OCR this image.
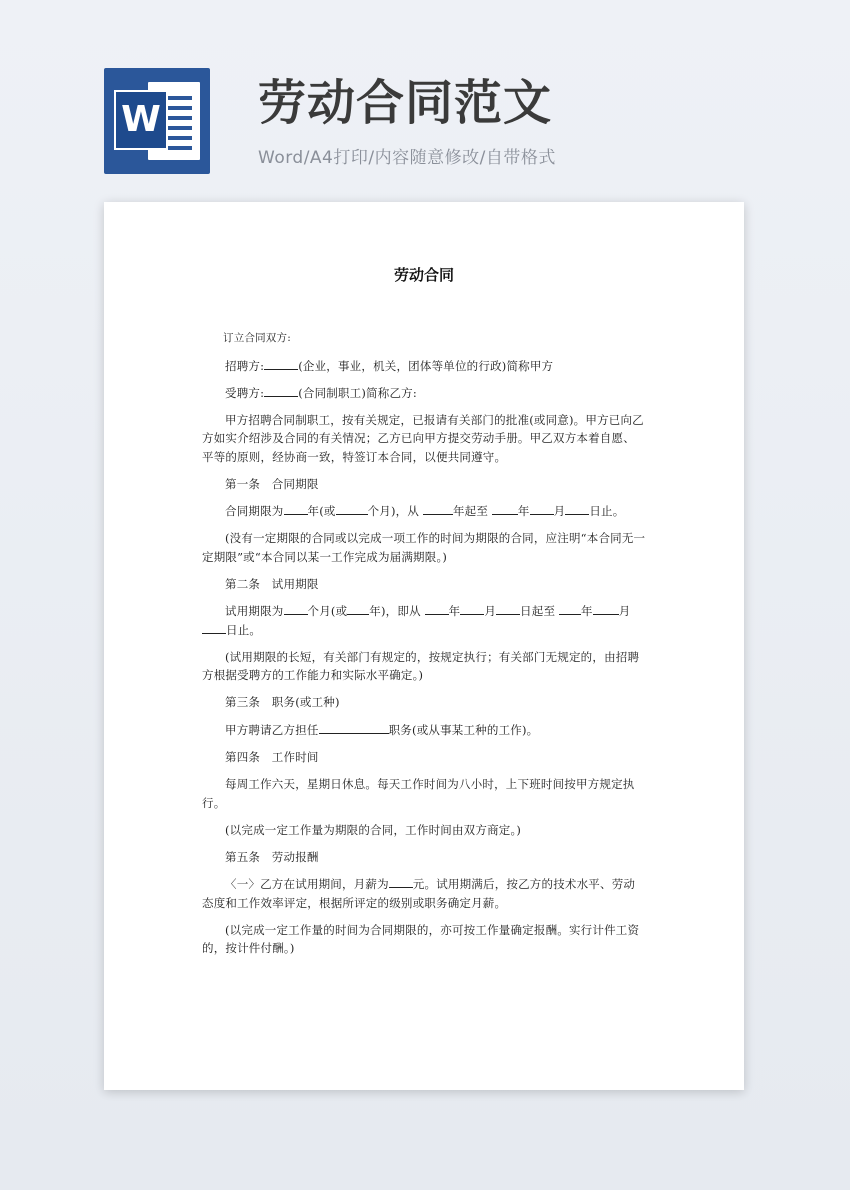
W 劳动合同范文
Word/A4打印/内容随意修改/自带格式
劳动合同

订立合同双方:

招聘方:	(企业，事业，机关，团体等单位的行政)简称甲方

受聘方:	(合同制职工)简称乙方:

甲方招聘合同制职工，按有关规定，已报请有关部门的批准(或同意)。甲方已向乙方如实介绍涉及合同的有关情况；乙方已向甲方提交劳动手册。甲乙双方本着自愿、平等的原则，经协商一致，特签订本合同，以便共同遵守。

第一条　合同期限

合同期限为 年(或	个月)，从	年起至 年 月 日止。

(没有一定期限的合同或以完成一项工作的时间为期限的合同，应注明“本合同无一定期限”或“本合同以某一工作完成为届满期限。)

第二条　试用期限

试用期限为 个月(或 年)，即从 年 月 日起至 年 月日止。

(试用期限的长短，有关部门有规定的，按规定执行；有关部门无规定的，由招聘方根据受聘方的工作能力和实际水平确定。)

第三条　职务(或工种)

甲方聘请乙方担任	职务(或从事某工种的工作)。

第四条　工作时间

每周工作六天，星期日休息。每天工作时间为八小时，上下班时间按甲方规定执行。

(以完成一定工作量为期限的合同，工作时间由双方商定。)

第五条　劳动报酬

〈一〉乙方在试用期间，月薪为 元。试用期满后，按乙方的技术水平、劳动态度和工作效率评定，根据所评定的级别或职务确定月薪。

(以完成一定工作量的时间为合同期限的，亦可按工作量确定报酬。实行计件工资的，按计件付酬。)
